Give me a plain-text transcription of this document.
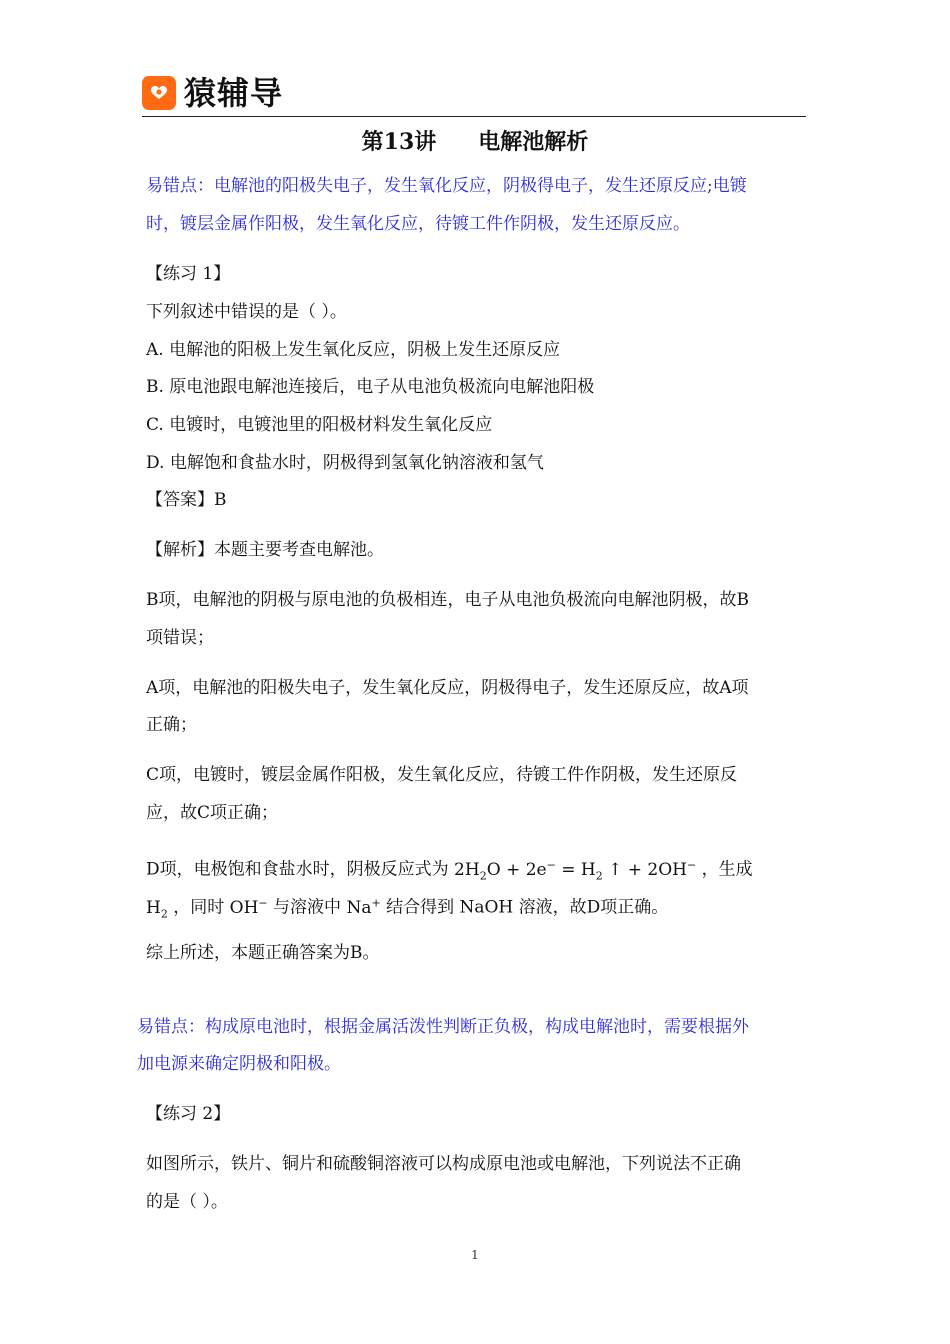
猿辅导
第13讲 电解池解析
易错点：电解池的阳极失电子，发生氧化反应，阴极得电子，发生还原反应;电镀
时，镀层金属作阳极，发生氧化反应，待镀工件作阴极，发生还原反应。
【练习 1】
下列叙述中错误的是（ ）。
A. 电解池的阳极上发生氧化反应，阴极上发生还原反应
B. 原电池跟电解池连接后，电子从电池负极流向电解池阳极
C. 电镀时，电镀池里的阳极材料发生氧化反应
D. 电解饱和食盐水时，阴极得到氢氧化钠溶液和氢气
【答案】B
【解析】本题主要考查电解池。
B项，电解池的阴极与原电池的负极相连，电子从电池负极流向电解池阴极，故B
项错误；
A项，电解池的阳极失电子，发生氧化反应，阴极得电子，发生还原反应，故A项
正确；
C项，电镀时，镀层金属作阳极，发生氧化反应，待镀工件作阴极，发生还原反
应，故C项正确；
D项，电极饱和食盐水时，阴极反应式为 $2H_2O + 2e^- = H_2$ ↑ + 2OH− ，生成
$H_2$ ，同时 OH− 与溶液中 Na+ 结合得到 NaOH 溶液，故D项正确。
综上所述，本题正确答案为B。
易错点：构成原电池时，根据金属活泼性判断正负极，构成电解池时，需要根据外
加电源来确定阴极和阳极。
【练习 2】
如图所示，铁片、铜片和硫酸铜溶液可以构成原电池或电解池，下列说法不正确
的是（ ）。
1
